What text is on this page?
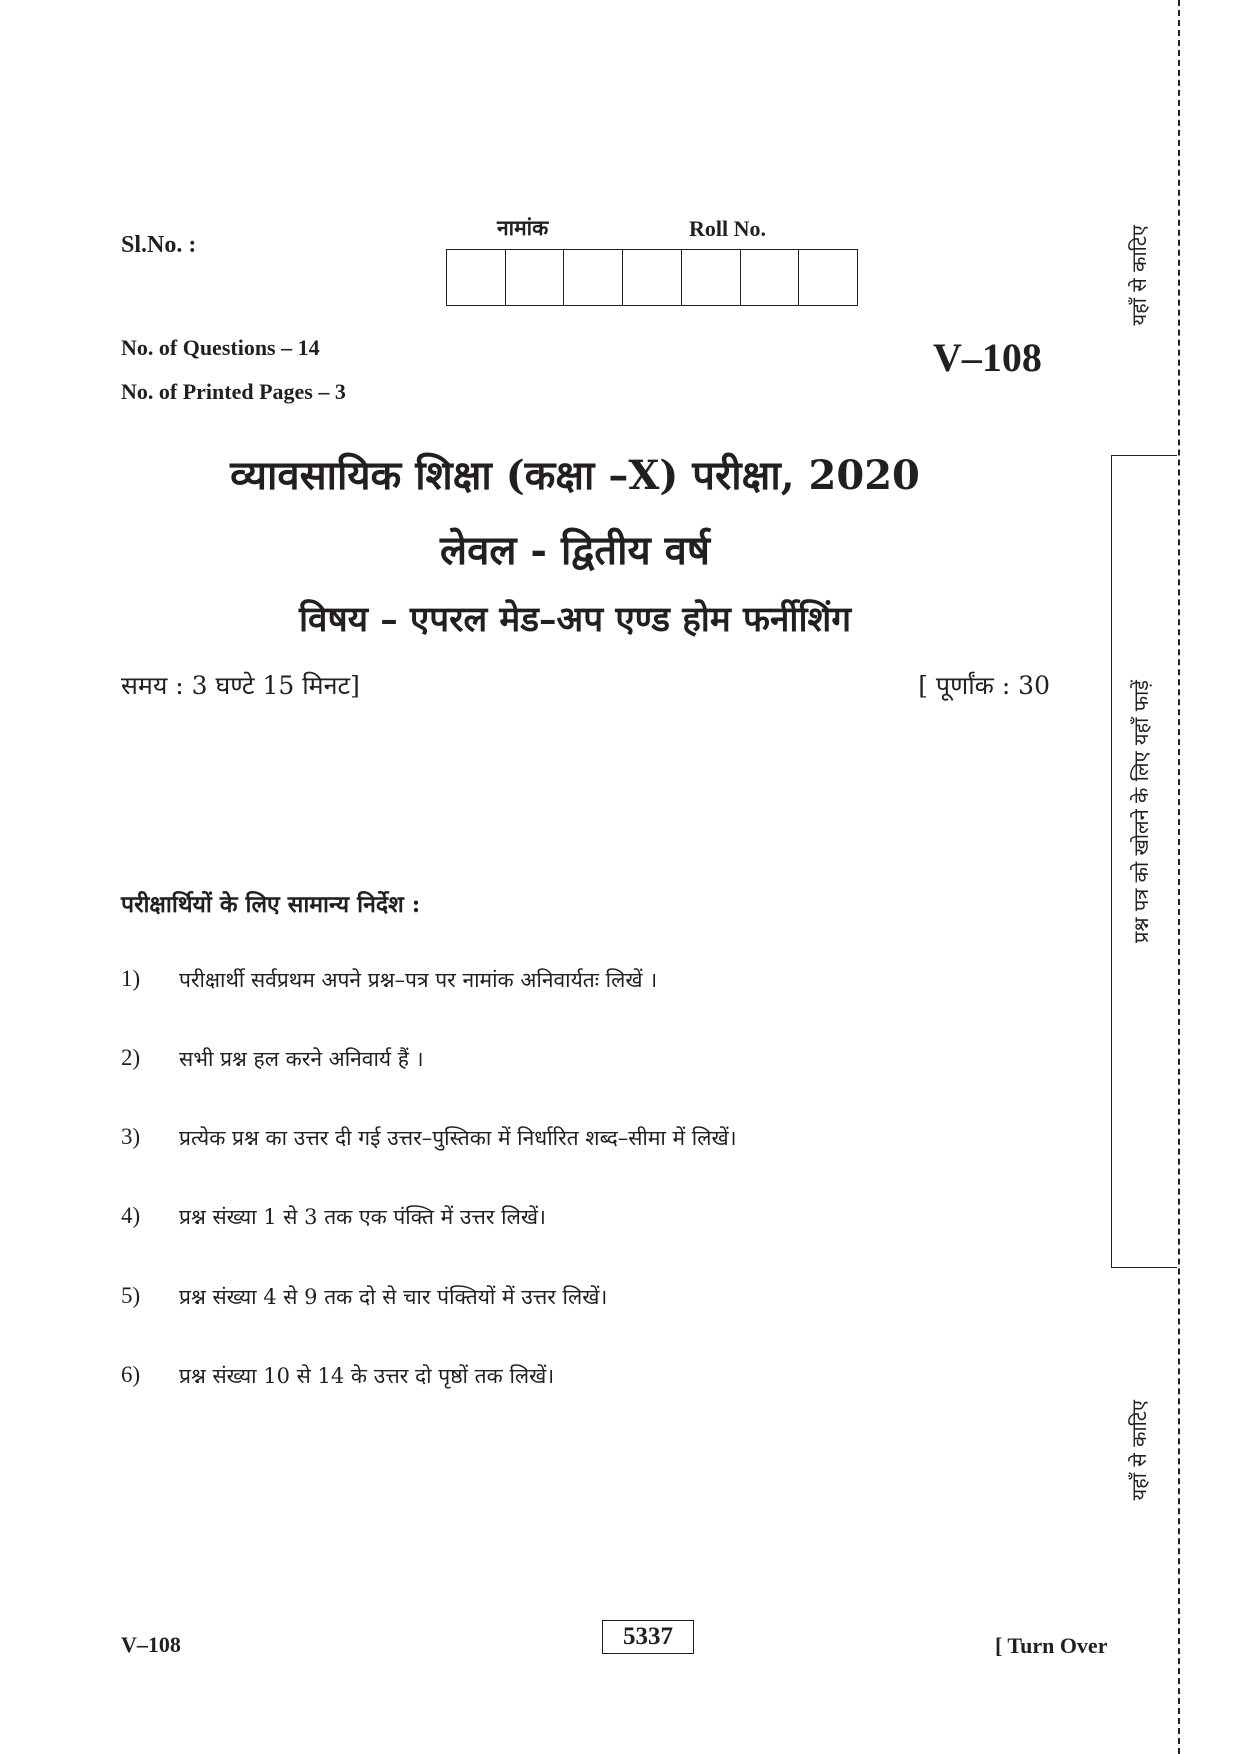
Sl.No. :
नामांक	Roll No.
No. of Questions – 14
No. of Printed Pages – 3
V–108
व्यावसायिक शिक्षा (कक्षा –X) परीक्षा, 2020
लेवल - द्वितीय वर्ष
विषय – एपरल मेड–अप एण्ड होम फर्नीशिंग
समय : 3 घण्टे 15 मिनट]	[ पूर्णांक : 30
परीक्षार्थियों के लिए सामान्य निर्देश :
1)	परीक्षार्थी सर्वप्रथम अपने प्रश्न–पत्र पर नामांक अनिवार्यतः लिखें ।
2)	सभी प्रश्न हल करने अनिवार्य हैं ।
3)	प्रत्येक प्रश्न का उत्तर दी गई उत्तर–पुस्तिका में निर्धारित शब्द–सीमा में लिखें।
4)	प्रश्न संख्या 1 से 3 तक एक पंक्ति में उत्तर लिखें।
5)	प्रश्न संख्या 4 से 9 तक दो से चार पंक्तियों में उत्तर लिखें।
6)	प्रश्न संख्या 10 से 14 के उत्तर दो पृष्ठों तक लिखें।
V–108	5337	[ Turn Over
यहाँ से काटिए
प्रश्न पत्र को खोलने के लिए यहाँ फाड़ें
यहाँ से काटिए
